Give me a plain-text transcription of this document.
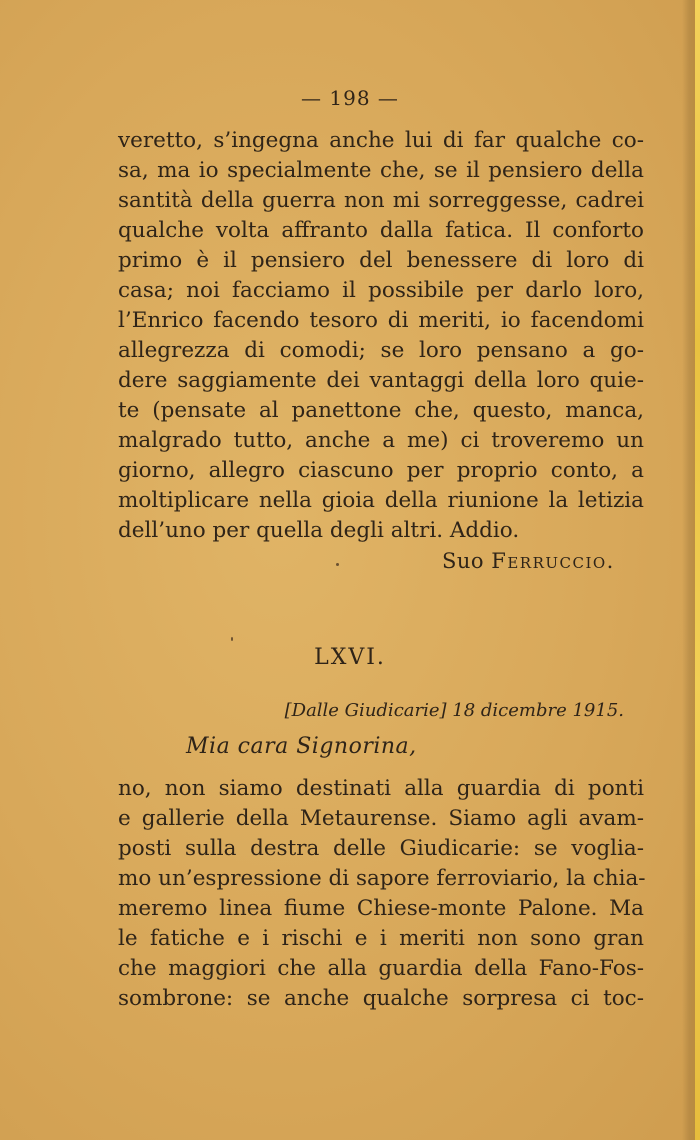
— 198 —
veretto, s’ingegna anche lui di far qualche co-
sa, ma io specialmente che, se il pensiero della
santità della guerra non mi sorreggesse, cadrei
qualche volta affranto dalla fatica. Il conforto
primo è il pensiero del benessere di loro di
casa; noi facciamo il possibile per darlo loro,
l’Enrico facendo tesoro di meriti, io facendomi
allegrezza di comodi; se loro pensano a go-
dere saggiamente dei vantaggi della loro quie-
te (pensate al panettone che, questo, manca,
malgrado tutto, anche a me) ci troveremo un
giorno, allegro ciascuno per proprio conto, a
moltiplicare nella gioia della riunione la letizia
dell’uno per quella degli altri. Addio.
Suo Ferruccio.
LXVI.
[Dalle Giudicarie] 18 dicembre 1915.
Mia cara Signorina,
no, non siamo destinati alla guardia di ponti
e gallerie della Metaurense. Siamo agli avam-
posti sulla destra delle Giudicarie: se voglia-
mo un’espressione di sapore ferroviario, la chia-
meremo linea fiume Chiese-monte Palone. Ma
le fatiche e i rischi e i meriti non sono gran
che maggiori che alla guardia della Fano-Fos-
sombrone: se anche qualche sorpresa ci toc-
